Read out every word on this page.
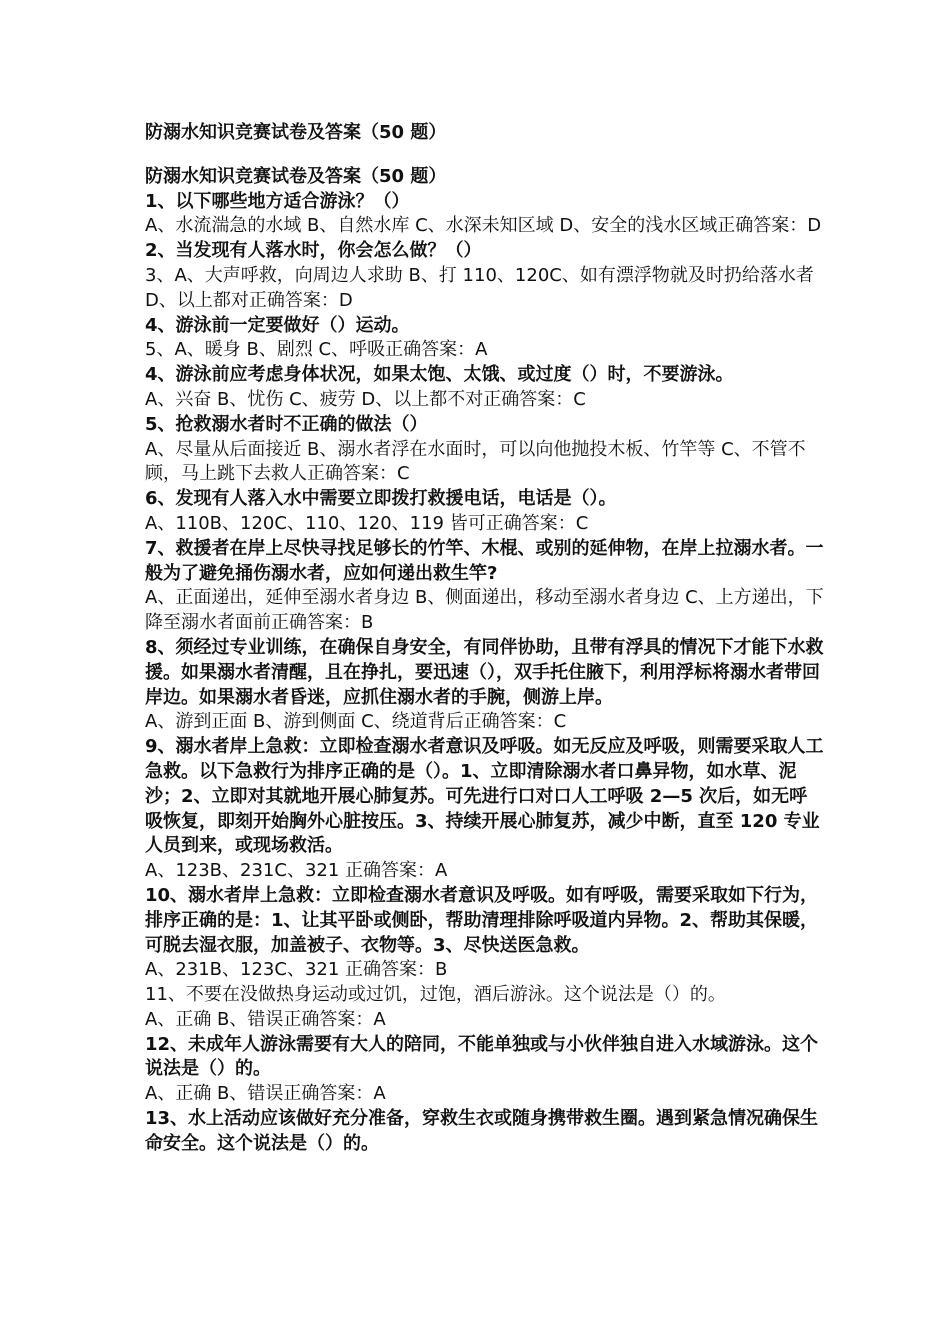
防溺水知识竞赛试卷及答案（50 题）
防溺水知识竞赛试卷及答案（50 题）
1、以下哪些地方适合游泳？（）
A、水流湍急的水域 B、自然水库 C、水深未知区域 D、安全的浅水区域正确答案：D
2、当发现有人落水时，你会怎么做？（）
3、A、大声呼救，向周边人求助 B、打 110、120C、如有漂浮物就及时扔给落水者 D、以上都对正确答案：D
4、游泳前一定要做好（）运动。
5、A、暖身 B、剧烈 C、呼吸正确答案：A
4、游泳前应考虑身体状况，如果太饱、太饿、或过度（）时，不要游泳。
A、兴奋 B、忧伤 C、疲劳 D、以上都不对正确答案：C
5、抢救溺水者时不正确的做法（）
A、尽量从后面接近 B、溺水者浮在水面时，可以向他抛投木板、竹竿等 C、不管不顾，马上跳下去救人正确答案：C
6、发现有人落入水中需要立即拨打救援电话，电话是（）。
A、110B、120C、110、120、119 皆可正确答案：C
7、救援者在岸上尽快寻找足够长的竹竿、木棍、或别的延伸物，在岸上拉溺水者。一般为了避免捅伤溺水者，应如何递出救生竿?
A、正面递出，延伸至溺水者身边 B、侧面递出，移动至溺水者身边 C、上方递出，下降至溺水者面前正确答案：B
8、须经过专业训练，在确保自身安全，有同伴协助，且带有浮具的情况下才能下水救援。如果溺水者清醒，且在挣扎，要迅速（），双手托住腋下，利用浮标将溺水者带回岸边。如果溺水者昏迷，应抓住溺水者的手腕，侧游上岸。
A、游到正面 B、游到侧面 C、绕道背后正确答案：C
9、溺水者岸上急救：立即检查溺水者意识及呼吸。如无反应及呼吸，则需要采取人工急救。以下急救行为排序正确的是（）。1、立即清除溺水者口鼻异物，如水草、泥沙；2、立即对其就地开展心肺复苏。可先进行口对口人工呼吸 2—5 次后，如无呼吸恢复，即刻开始胸外心脏按压。3、持续开展心肺复苏，减少中断，直至 120 专业人员到来，或现场救活。
A、123B、231C、321 正确答案：A
10、溺水者岸上急救：立即检查溺水者意识及呼吸。如有呼吸，需要采取如下行为，排序正确的是：1、让其平卧或侧卧，帮助清理排除呼吸道内异物。2、帮助其保暖，可脱去湿衣服，加盖被子、衣物等。3、尽快送医急救。
A、231B、123C、321 正确答案：B
11、不要在没做热身运动或过饥，过饱，酒后游泳。这个说法是（）的。
A、正确 B、错误正确答案：A
12、未成年人游泳需要有大人的陪同，不能单独或与小伙伴独自进入水域游泳。这个说法是（）的。
A、正确 B、错误正确答案：A
13、水上活动应该做好充分准备，穿救生衣或随身携带救生圈。遇到紧急情况确保生命安全。这个说法是（）的。
